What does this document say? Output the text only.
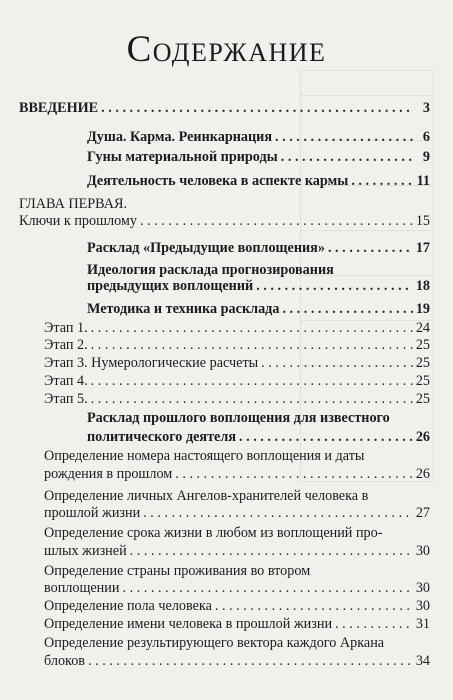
Содержание
ВВЕДЕНИЕ . . .	3
Душа. Карма. Реинкарнация . . .	6
Гуны материальной природы . . .	9
Деятельность человека в аспекте кармы . . .	11
ГЛАВА ПЕРВАЯ.
Ключи к прошлому . . .	15
Расклад «Предыдущие воплощения» . . .	17
Идеология расклада прогнозирования
предыдущих воплощений . . .	18
Методика и техника расклада . . .	19
Этап 1. . . .	24
Этап 2. . . .	25
Этап 3. Нумерологические расчеты . . .	25
Этап 4. . . .	25
Этап 5. . . .	25
Расклад прошлого воплощения для известного
политического деятеля . . .	26
Определение номера настоящего воплощения и даты
рождения в прошлом . . .	26
Определение личных Ангелов-хранителей человека в
прошлой жизни . . .	27
Определение срока жизни в любом из воплощений про-
шлых жизней . . .	30
Определение страны проживания во втором
воплощении . . .	30
Определение пола человека . . .	30
Определение имени человека в прошлой жизни . . .	31
Определение результирующего вектора каждого Аркана
блоков . . .	34
